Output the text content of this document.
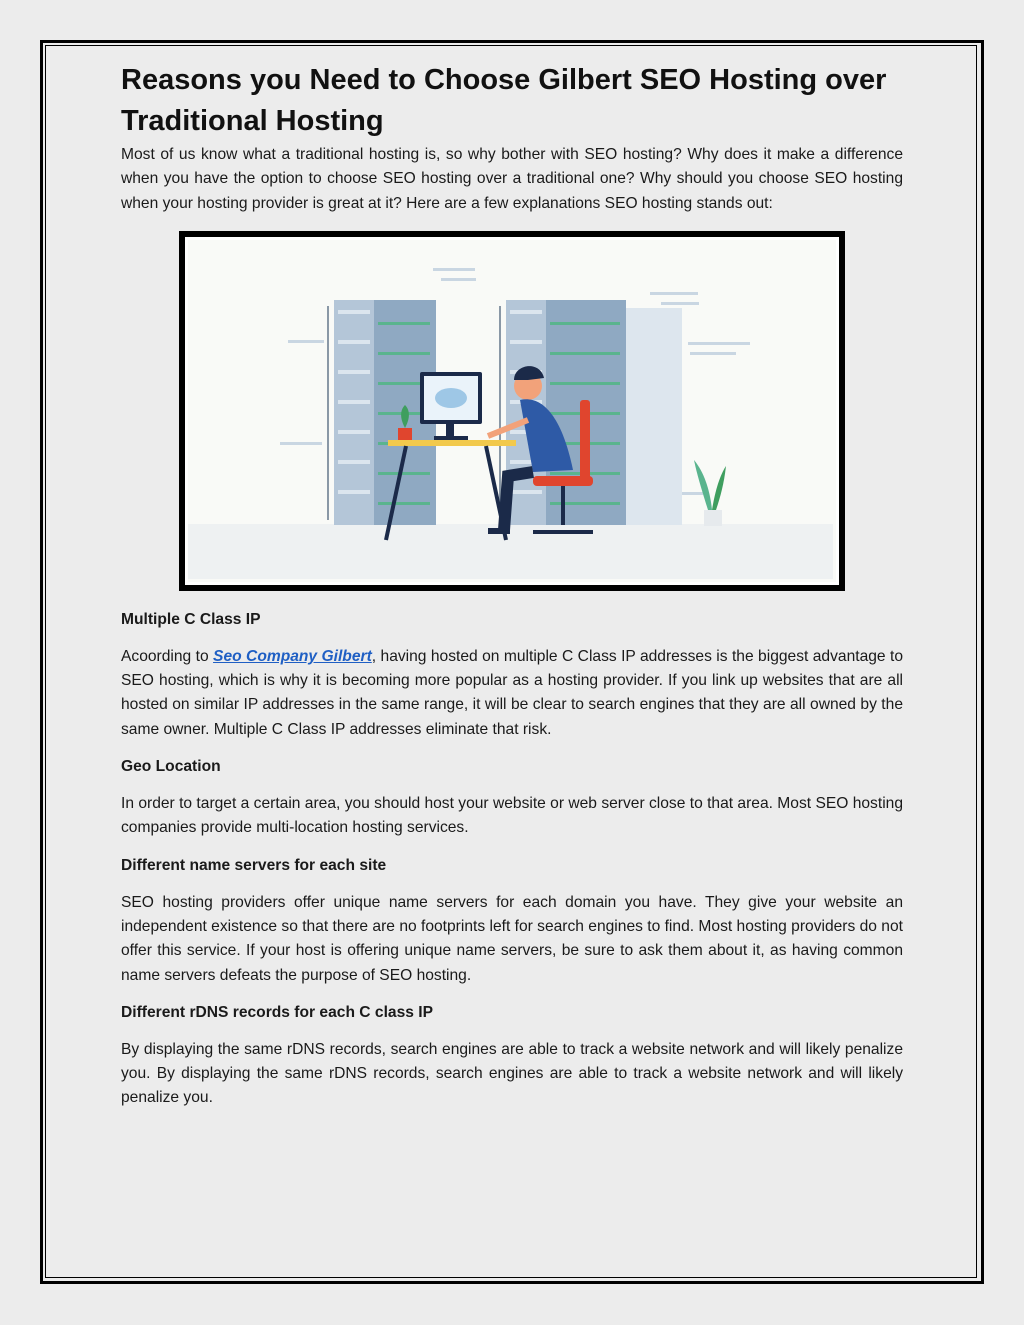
Reasons you Need to Choose Gilbert SEO Hosting over Traditional Hosting

Most of us know what a traditional hosting is, so why bother with SEO hosting? Why does it make a difference when you have the option to choose SEO hosting over a traditional one? Why should you choose SEO hosting when your hosting provider is great at it? Here are a few explanations SEO hosting stands out:

Multiple C Class IP

Acoording to Seo Company Gilbert, having hosted on multiple C Class IP addresses is the biggest advantage to SEO hosting, which is why it is becoming more popular as a hosting provider. If you link up websites that are all hosted on similar IP addresses in the same range, it will be clear to search engines that they are all owned by the same owner. Multiple C Class IP addresses eliminate that risk.

Geo Location

In order to target a certain area, you should host your website or web server close to that area. Most SEO hosting companies provide multi-location hosting services.

Different name servers for each site

SEO hosting providers offer unique name servers for each domain you have. They give your website an independent existence so that there are no footprints left for search engines to find. Most hosting providers do not offer this service. If your host is offering unique name servers, be sure to ask them about it, as having common name servers defeats the purpose of SEO hosting.

Different rDNS records for each C class IP

By displaying the same rDNS records, search engines are able to track a website network and will likely penalize you. By displaying the same rDNS records, search engines are able to track a website network and will likely penalize you.
